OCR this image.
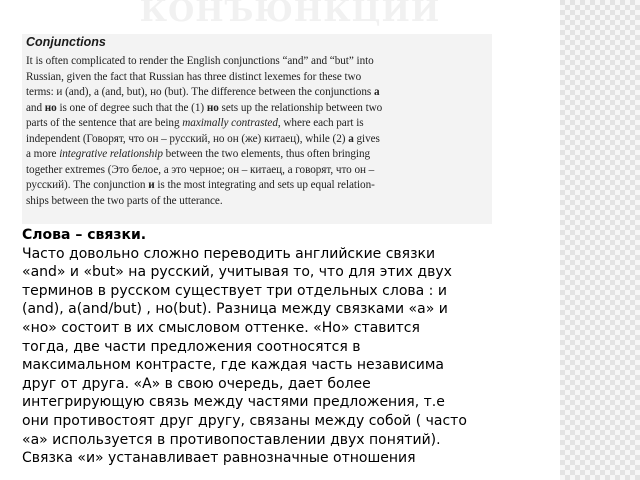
КОНЪЮНКЦИИ
Conjunctions
It is often complicated to render the English conjunctions “and” and “but” into
Russian, given the fact that Russian has three distinct lexemes for these two
terms: и (and), а (and, but), но (but). The difference between the conjunctions а
and но is one of degree such that the (1) но sets up the relationship between two
parts of the sentence that are being maximally contrasted, where each part is
independent (Говорят, что он – русский, но он (же) китаец), while (2) а gives
a more integrative relationship between the two elements, thus often bringing
together extremes (Это белое, а это черное; он – китаец, а говорят, что он –
русский). The conjunction и is the most integrating and sets up equal relation-
ships between the two parts of the utterance.
Слова – связки.
Часто довольно сложно переводить английские связки
«and» и «but» на русский, учитывая то, что для этих двух
терминов в русском существует три отдельных слова : и
(and), а(and/but) , но(but). Разница между связками «а» и
«но» состоит в их смысловом оттенке. «Но» ставится
тогда, две части предложения соотносятся в
максимальном контрасте, где каждая часть независима
друг от друга. «А» в свою очередь, дает более
интегрирующую связь между частями предложения, т.е
они противостоят друг другу, связаны между собой ( часто
«а» используется в противопоставлении двух понятий).
Связка «и» устанавливает равнозначные отношения
